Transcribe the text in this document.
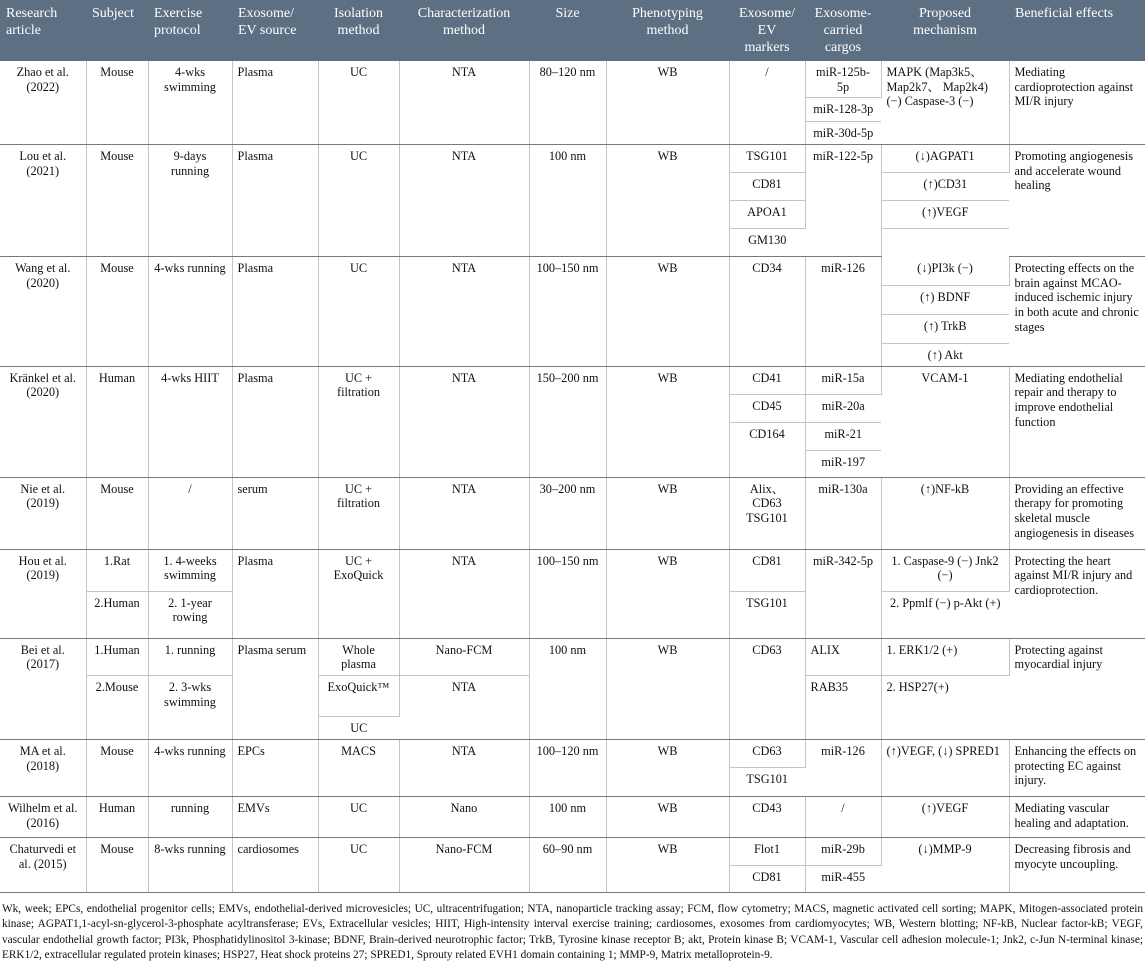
Research article	Subject	Exercise protocol	Exosome/ EV source	Isolation method	Characterization method	Size	Phenotyping method	Exosome/ EV markers	Exosome-carried cargos	Proposed mechanism	Beneficial effects
Zhao et al. (2022)	Mouse	4-wks swimming	Plasma	UC	NTA	80–120 nm	WB	/	miR-125b-5p	MAPK (Map3k5、 Map2k7、 Map2k4) (−) Caspase-3 (−)	Mediating cardioprotection against MI/R injury
									miR-128-3p		
									miR-30d-5p		
Lou et al. (2021)	Mouse	9-days running	Plasma	UC	NTA	100 nm	WB	TSG101	miR-122-5p	(↓)AGPAT1	Promoting angiogenesis and accelerate wound healing
								CD81		(↑)CD31	
								APOA1		(↑)VEGF	
								GM130			
Wang et al. (2020)	Mouse	4-wks running	Plasma	UC	NTA	100–150 nm	WB	CD34	miR-126	(↓)PI3k (−)	Protecting effects on the brain against MCAO-induced ischemic injury in both acute and chronic stages
										(↑) BDNF	
										(↑) TrkB	
										(↑) Akt	
Kränkel et al. (2020)	Human	4-wks HIIT	Plasma	UC + filtration	NTA	150–200 nm	WB	CD41	miR-15a	VCAM-1	Mediating endothelial repair and therapy to improve endothelial function
								CD45	miR-20a		
								CD164	miR-21		
									miR-197		
Nie et al. (2019)	Mouse	/	serum	UC + filtration	NTA	30–200 nm	WB	Alix、 CD63 TSG101	miR-130a	(↑)NF-kB	Providing an effective therapy for promoting skeletal muscle angiogenesis in diseases
Hou et al. (2019)	1.Rat	1. 4-weeks swimming	Plasma	UC + ExoQuick	NTA	100–150 nm	WB	CD81	miR-342-5p	1. Caspase-9 (−) Jnk2 (−)	Protecting the heart against MI/R injury and cardioprotection.
	2.Human	2. 1-year rowing						TSG101		2. Ppmlf (−) p-Akt (+)	
Bei et al. (2017)	1.Human	1. running	Plasma serum	Whole plasma	Nano-FCM	100 nm	WB	CD63	ALIX	1. ERK1/2 (+)	Protecting against myocardial injury
	2.Mouse	2. 3-wks swimming		ExoQuick™	NTA				RAB35	2. HSP27(+)	
				UC							
MA et al. (2018)	Mouse	4-wks running	EPCs	MACS	NTA	100–120 nm	WB	CD63	miR-126	(↑)VEGF, (↓) SPRED1	Enhancing the effects on protecting EC against injury.
								TSG101			
Wilhelm et al. (2016)	Human	running	EMVs	UC	Nano	100 nm	WB	CD43	/	(↑)VEGF	Mediating vascular healing and adaptation.
Chaturvedi et al. (2015)	Mouse	8-wks running	cardiosomes	UC	Nano-FCM	60–90 nm	WB	Flot1	miR-29b	(↓)MMP-9	Decreasing fibrosis and myocyte uncoupling.
								CD81	miR-455		
Wk, week; EPCs, endothelial progenitor cells; EMVs, endothelial-derived microvesicles; UC, ultracentrifugation; NTA, nanoparticle tracking assay; FCM, flow cytometry; MACS, magnetic activated cell sorting; MAPK, Mitogen-associated protein kinase; AGPAT1,1-acyl-sn-glycerol-3-phosphate acyltransferase; EVs, Extracellular vesicles; HIIT, High-intensity interval exercise training; cardiosomes, exosomes from cardiomyocytes; WB, Western blotting; NF-kB, Nuclear factor-kB; VEGF, vascular endothelial growth factor; PI3k, Phosphatidylinositol 3-kinase; BDNF, Brain-derived neurotrophic factor; TrkB, Tyrosine kinase receptor B; akt, Protein kinase B; VCAM-1, Vascular cell adhesion molecule-1; Jnk2, c-Jun N-terminal kinase; ERK1/2, extracellular regulated protein kinases; HSP27, Heat shock proteins 27; SPRED1, Sprouty related EVH1 domain containing 1; MMP-9, Matrix metalloprotein-9.
